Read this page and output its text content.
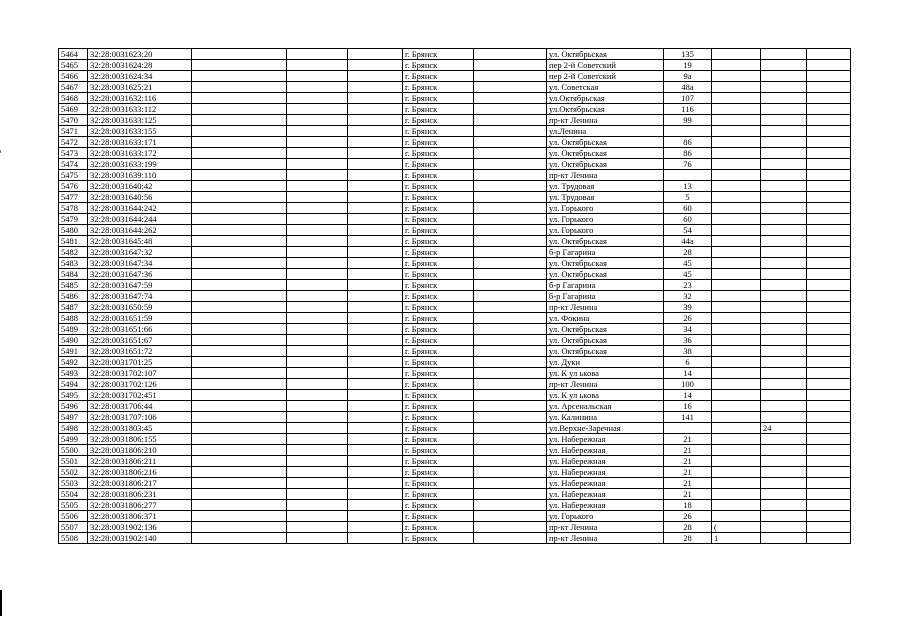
5464	32:28:0031623:20				г. Брянск		ул. Октябрьская	135			
5465	32:28:0031624:28				г. Брянск		пер 2-й Советский	19			
5466	32:28:0031624:34				г. Брянск		пер 2-й Советский	9а			
5467	32:28:0031625:21				г. Брянск		ул. Советская	48а			
5468	32:28:0031632:116				г. Брянск		ул.Октябрьская	107			
5469	32:28:0031633:112				г. Брянск		ул.Октябрьская	116			
5470	32:28:0031633:125				г. Брянск		пр-кт Ленина	99			
5471	32:28:0031633:155				г. Брянск		ул.Ленина				
5472	32:28:0031633:171				г. Брянск		ул. Октябрьская	86			
5473	32:28:0031633:172				г. Брянск		ул. Октябрьская	86			
5474	32:28:0031633:199				г. Брянск		ул. Октябрьская	76			
5475	32:28:0031639:110				г. Брянск		пр-кт Ленина				
5476	32:28:0031640:42				г. Брянск		ул. Трудовая	13			
5477	32:28:0031640:56				г. Брянск		ул. Трудовая	5			
5478	32:28:0031644:242				г. Брянск		ул. Горького	60			
5479	32:28:0031644:244				г. Брянск		ул. Горького	60			
5480	32:28:0031644:262				г. Брянск		ул. Горького	54			
5481	32:28:0031645:48				г. Брянск		ул. Октябрьская	44а			
5482	32:28:0031647:32				г. Брянск		б-р Гагарина	28			
5483	32:28:0031647:34				г. Брянск		ул. Октябрьская	45			
5484	32:28:0031647:36				г. Брянск		ул. Октябрьская	45			
5485	32:28:0031647:59				г. Брянск		б-р Гагарина	23			
5486	32:28:0031647:74				г. Брянск		б-р Гагарина	32			
5487	32:28:0031650:59				г. Брянск		пр-кт Ленина	39			
5488	32:28:0031651:59				г. Брянск		ул. Фокина	26			
5489	32:28:0031651:66				г. Брянск		ул. Октябрьская	34			
5490	32:28:0031651:67				г. Брянск		ул. Октябрьская	36			
5491	32:28:0031651:72				г. Брянск		ул. Октябрьская	38			
5492	32:28:0031701:25				г. Брянск		ул. Дуки	6			
5493	32:28:0031702:107				г. Брянск		ул. К ул ькова	14			
5494	32:28:0031702:126				г. Брянск		пр-кт Ленина	100			
5495	32:28:0031702:451				г. Брянск		ул. К ул ькова	14			
5496	32:28:0031706:44				г. Брянск		ул. Арсенальская	16			
5497	32:28:0031707:106				г. Брянск		ул. Калинина	141			
5498	32:28:0031803:45				г. Брянск		ул.Верхне-Заречная			24	
5499	32:28:0031806:155				г. Брянск		ул. Набережная	21			
5500	32:28:0031806:210				г. Брянск		ул. Набережная	21			
5501	32:28:0031806:211				г. Брянск		ул. Набережная	21			
5502	32:28:0031806:216				г. Брянск		ул. Набережная	21			
5503	32:28:0031806:217				г. Брянск		ул. Набережная	21			
5504	32:28:0031806:231				г. Брянск		ул. Набережная	21			
5505	32:28:0031806:277				г. Брянск		ул. Набережная	18			
5506	32:28:0031806:371				г. Брянск		ул. Горького	26			
5507	32:28:0031902:136				г. Брянск		пр-кт Ленина	28	(		
5508	32:28:0031902:140				г. Брянск		пр-кт Ленина	28	1		
